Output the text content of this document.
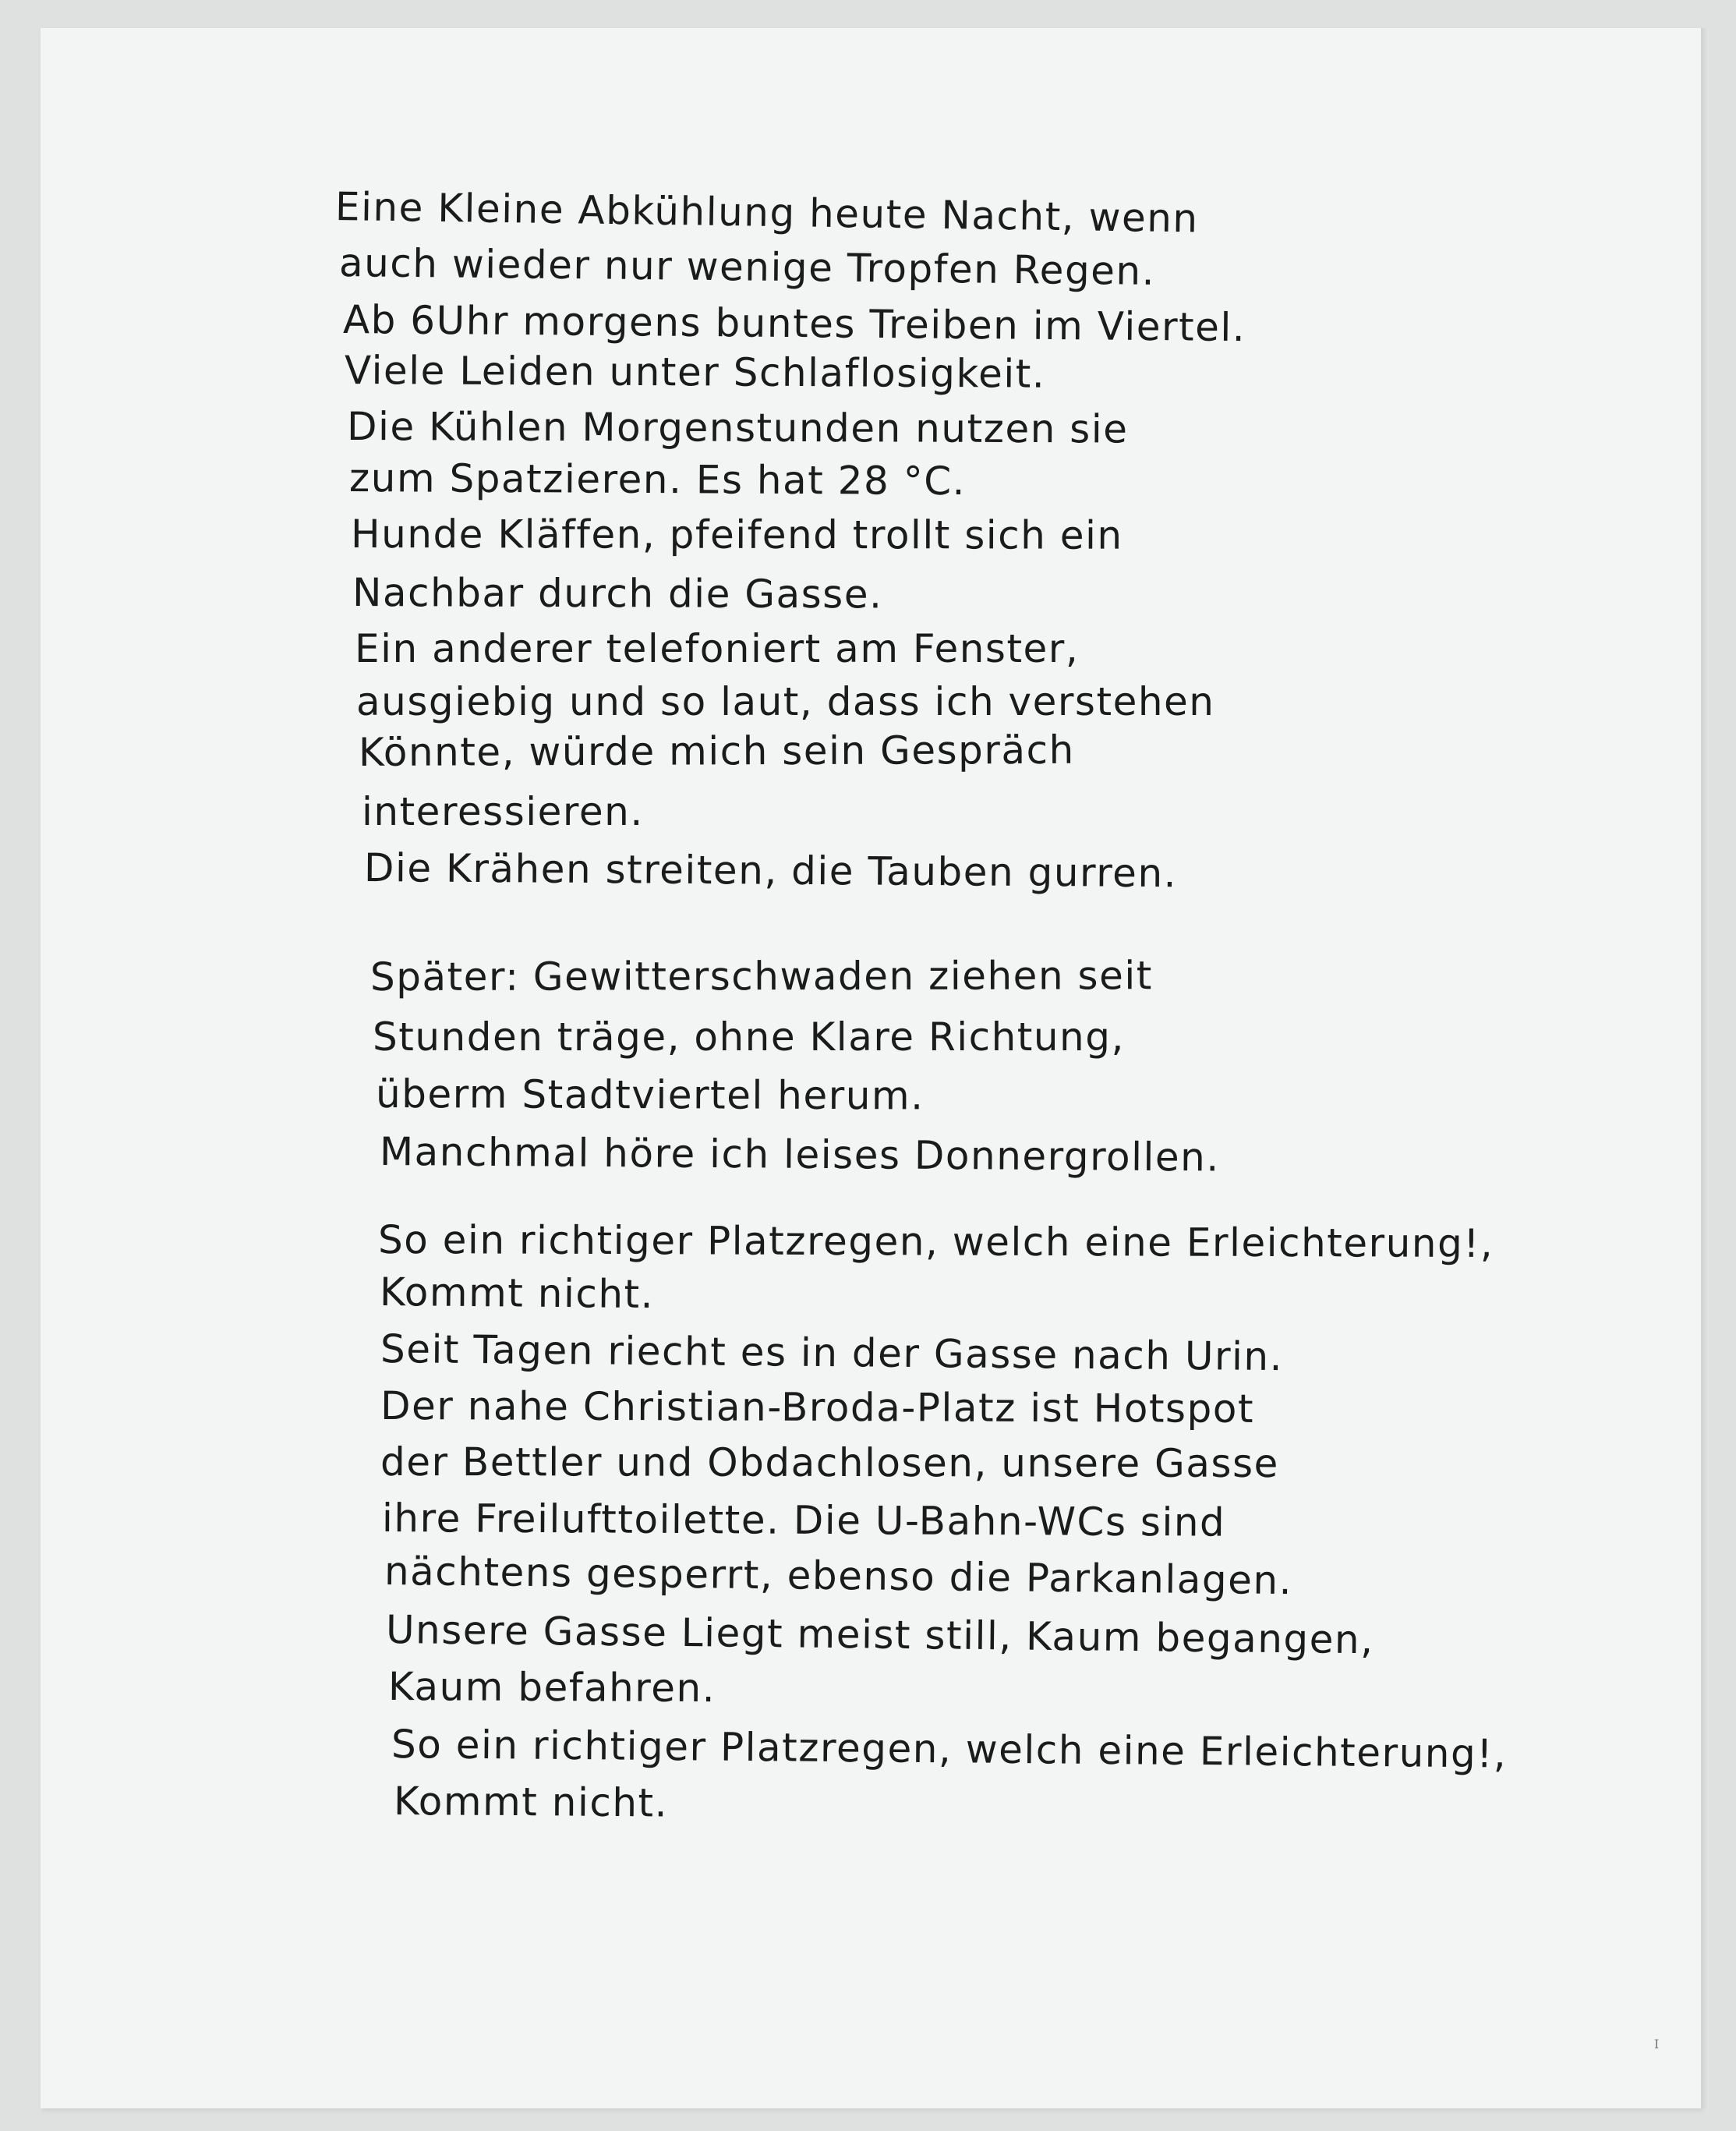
Eine Kleine Abkühlung heute Nacht, wenn
auch wieder nur wenige Tropfen Regen.
Ab 6Uhr morgens buntes Treiben im Viertel.
Viele Leiden unter Schlaflosigkeit.
Die Kühlen Morgenstunden nutzen sie
zum Spatzieren. Es hat 28 °C.
Hunde Kläffen, pfeifend trollt sich ein
Nachbar durch die Gasse.
Ein anderer telefoniert am Fenster,
ausgiebig und so laut, dass ich verstehen
Könnte, würde mich sein Gespräch
interessieren.
Die Krähen streiten, die Tauben gurren.
Später: Gewitterschwaden ziehen seit
Stunden träge, ohne Klare Richtung,
überm Stadtviertel herum.
Manchmal höre ich leises Donnergrollen.
So ein richtiger Platzregen, welch eine Erleichterung!,
Kommt nicht.
Seit Tagen riecht es in der Gasse nach Urin.
Der nahe Christian-Broda-Platz ist Hotspot
der Bettler und Obdachlosen, unsere Gasse
ihre Freilufttoilette. Die U-Bahn-WCs sind
nächtens gesperrt, ebenso die Parkanlagen.
Unsere Gasse Liegt meist still, Kaum begangen,
Kaum befahren.
So ein richtiger Platzregen, welch eine Erleichterung!,
Kommt nicht.
I
